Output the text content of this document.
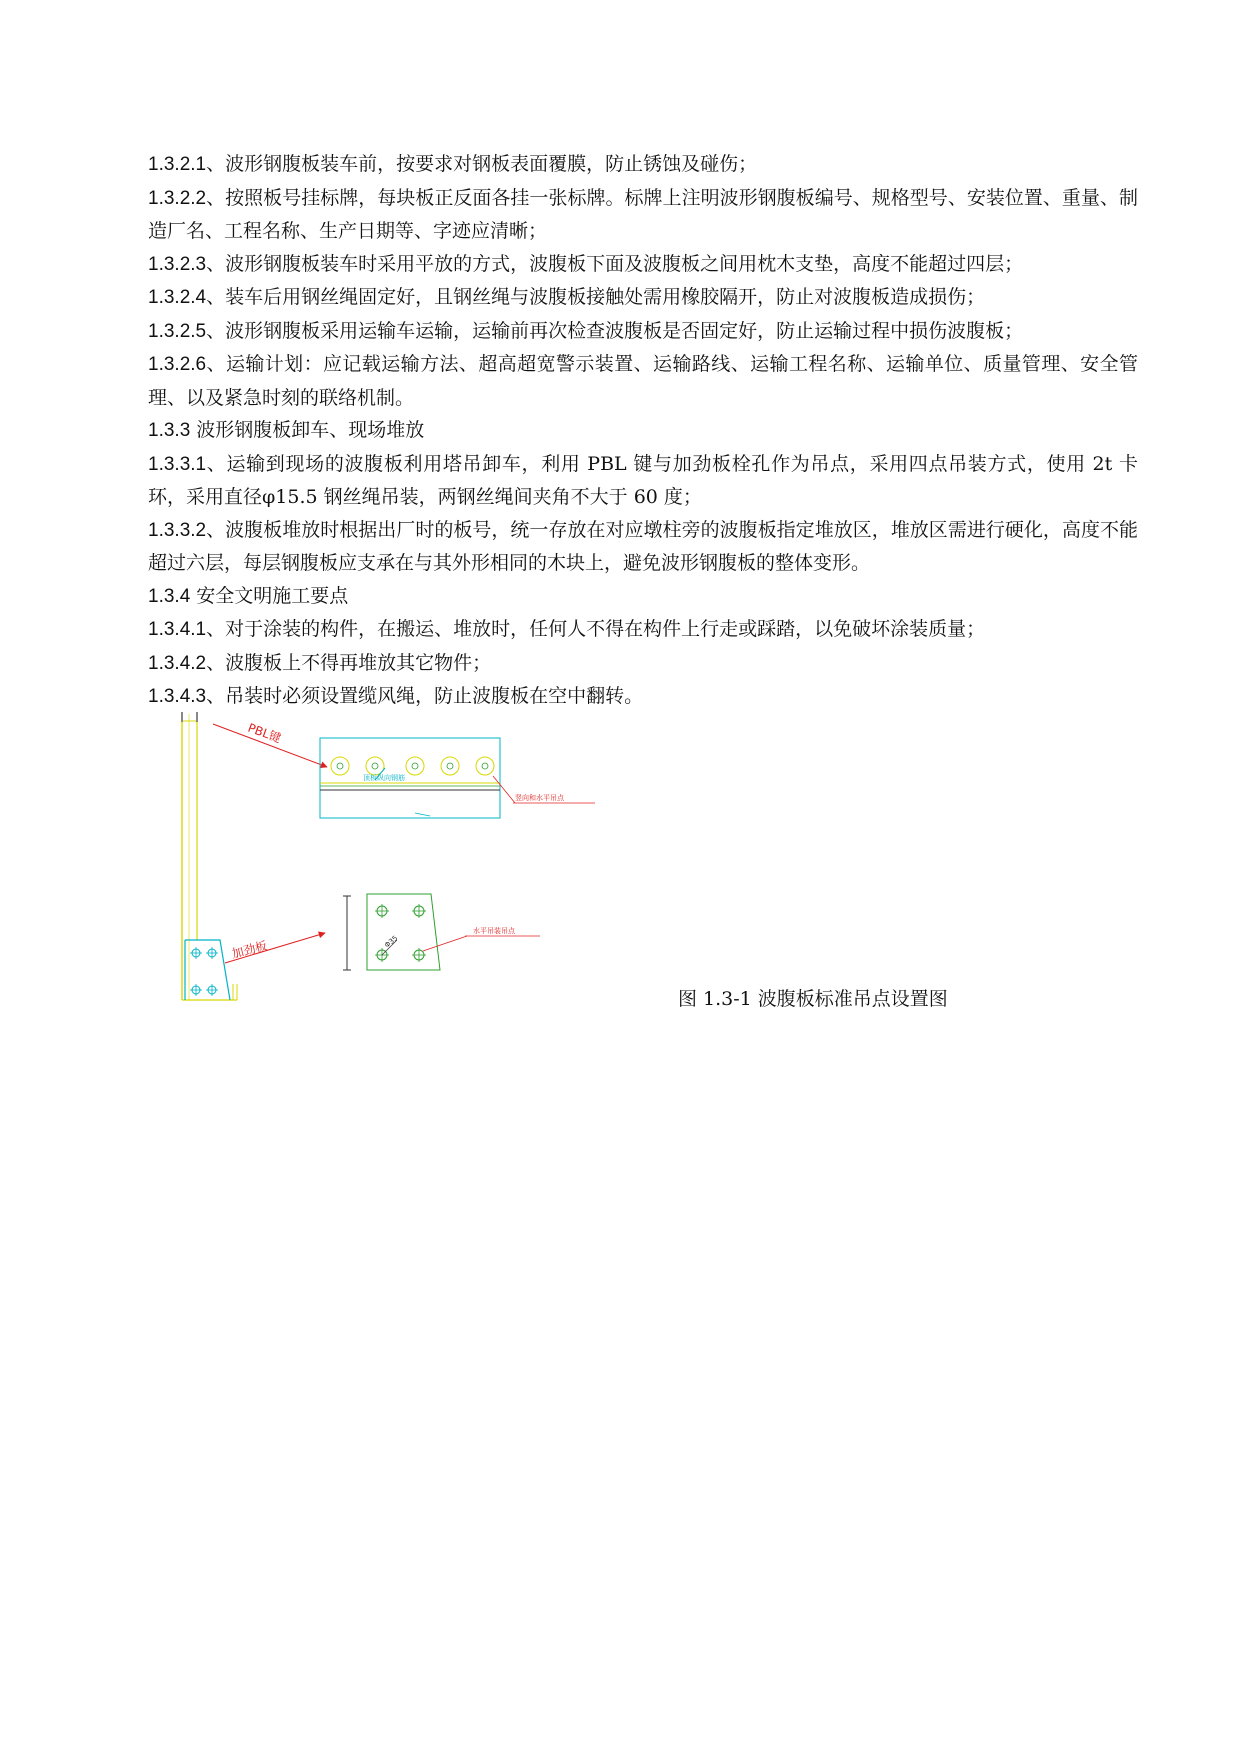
1.3.2.1、波形钢腹板装车前，按要求对钢板表面覆膜，防止锈蚀及碰伤；

1.3.2.2、按照板号挂标牌，每块板正反面各挂一张标牌。标牌上注明波形钢腹板编号、规格型号、安装位置、重量、制造厂名、工程名称、生产日期等、字迹应清晰；

1.3.2.3、波形钢腹板装车时采用平放的方式，波腹板下面及波腹板之间用枕木支垫，高度不能超过四层；

1.3.2.4、装车后用钢丝绳固定好，且钢丝绳与波腹板接触处需用橡胶隔开，防止对波腹板造成损伤；

1.3.2.5、波形钢腹板采用运输车运输，运输前再次检查波腹板是否固定好，防止运输过程中损伤波腹板；

1.3.2.6、运输计划：应记载运输方法、超高超宽警示装置、运输路线、运输工程名称、运输单位、质量管理、安全管理、以及紧急时刻的联络机制。

1.3.3 波形钢腹板卸车、现场堆放

1.3.3.1、运输到现场的波腹板利用塔吊卸车，利用 PBL 键与加劲板栓孔作为吊点，采用四点吊装方式，使用 2t 卡环，采用直径φ15.5 钢丝绳吊装，两钢丝绳间夹角不大于 60 度；

1.3.3.2、波腹板堆放时根据出厂时的板号，统一存放在对应墩柱旁的波腹板指定堆放区，堆放区需进行硬化，高度不能超过六层，每层钢腹板应支承在与其外形相同的木块上，避免波形钢腹板的整体变形。

1.3.4 安全文明施工要点

1.3.4.1、对于涂装的构件，在搬运、堆放时，任何人不得在构件上行走或踩踏，以免破坏涂装质量；

1.3.4.2、波腹板上不得再堆放其它物件；

1.3.4.3、吊装时必须设置缆风绳，防止波腹板在空中翻转。

PBL键
顶板纵向钢筋
竖向和水平吊点
加劲板	Φ35
水平吊装吊点
图 1.3-1 波腹板标准吊点设置图
